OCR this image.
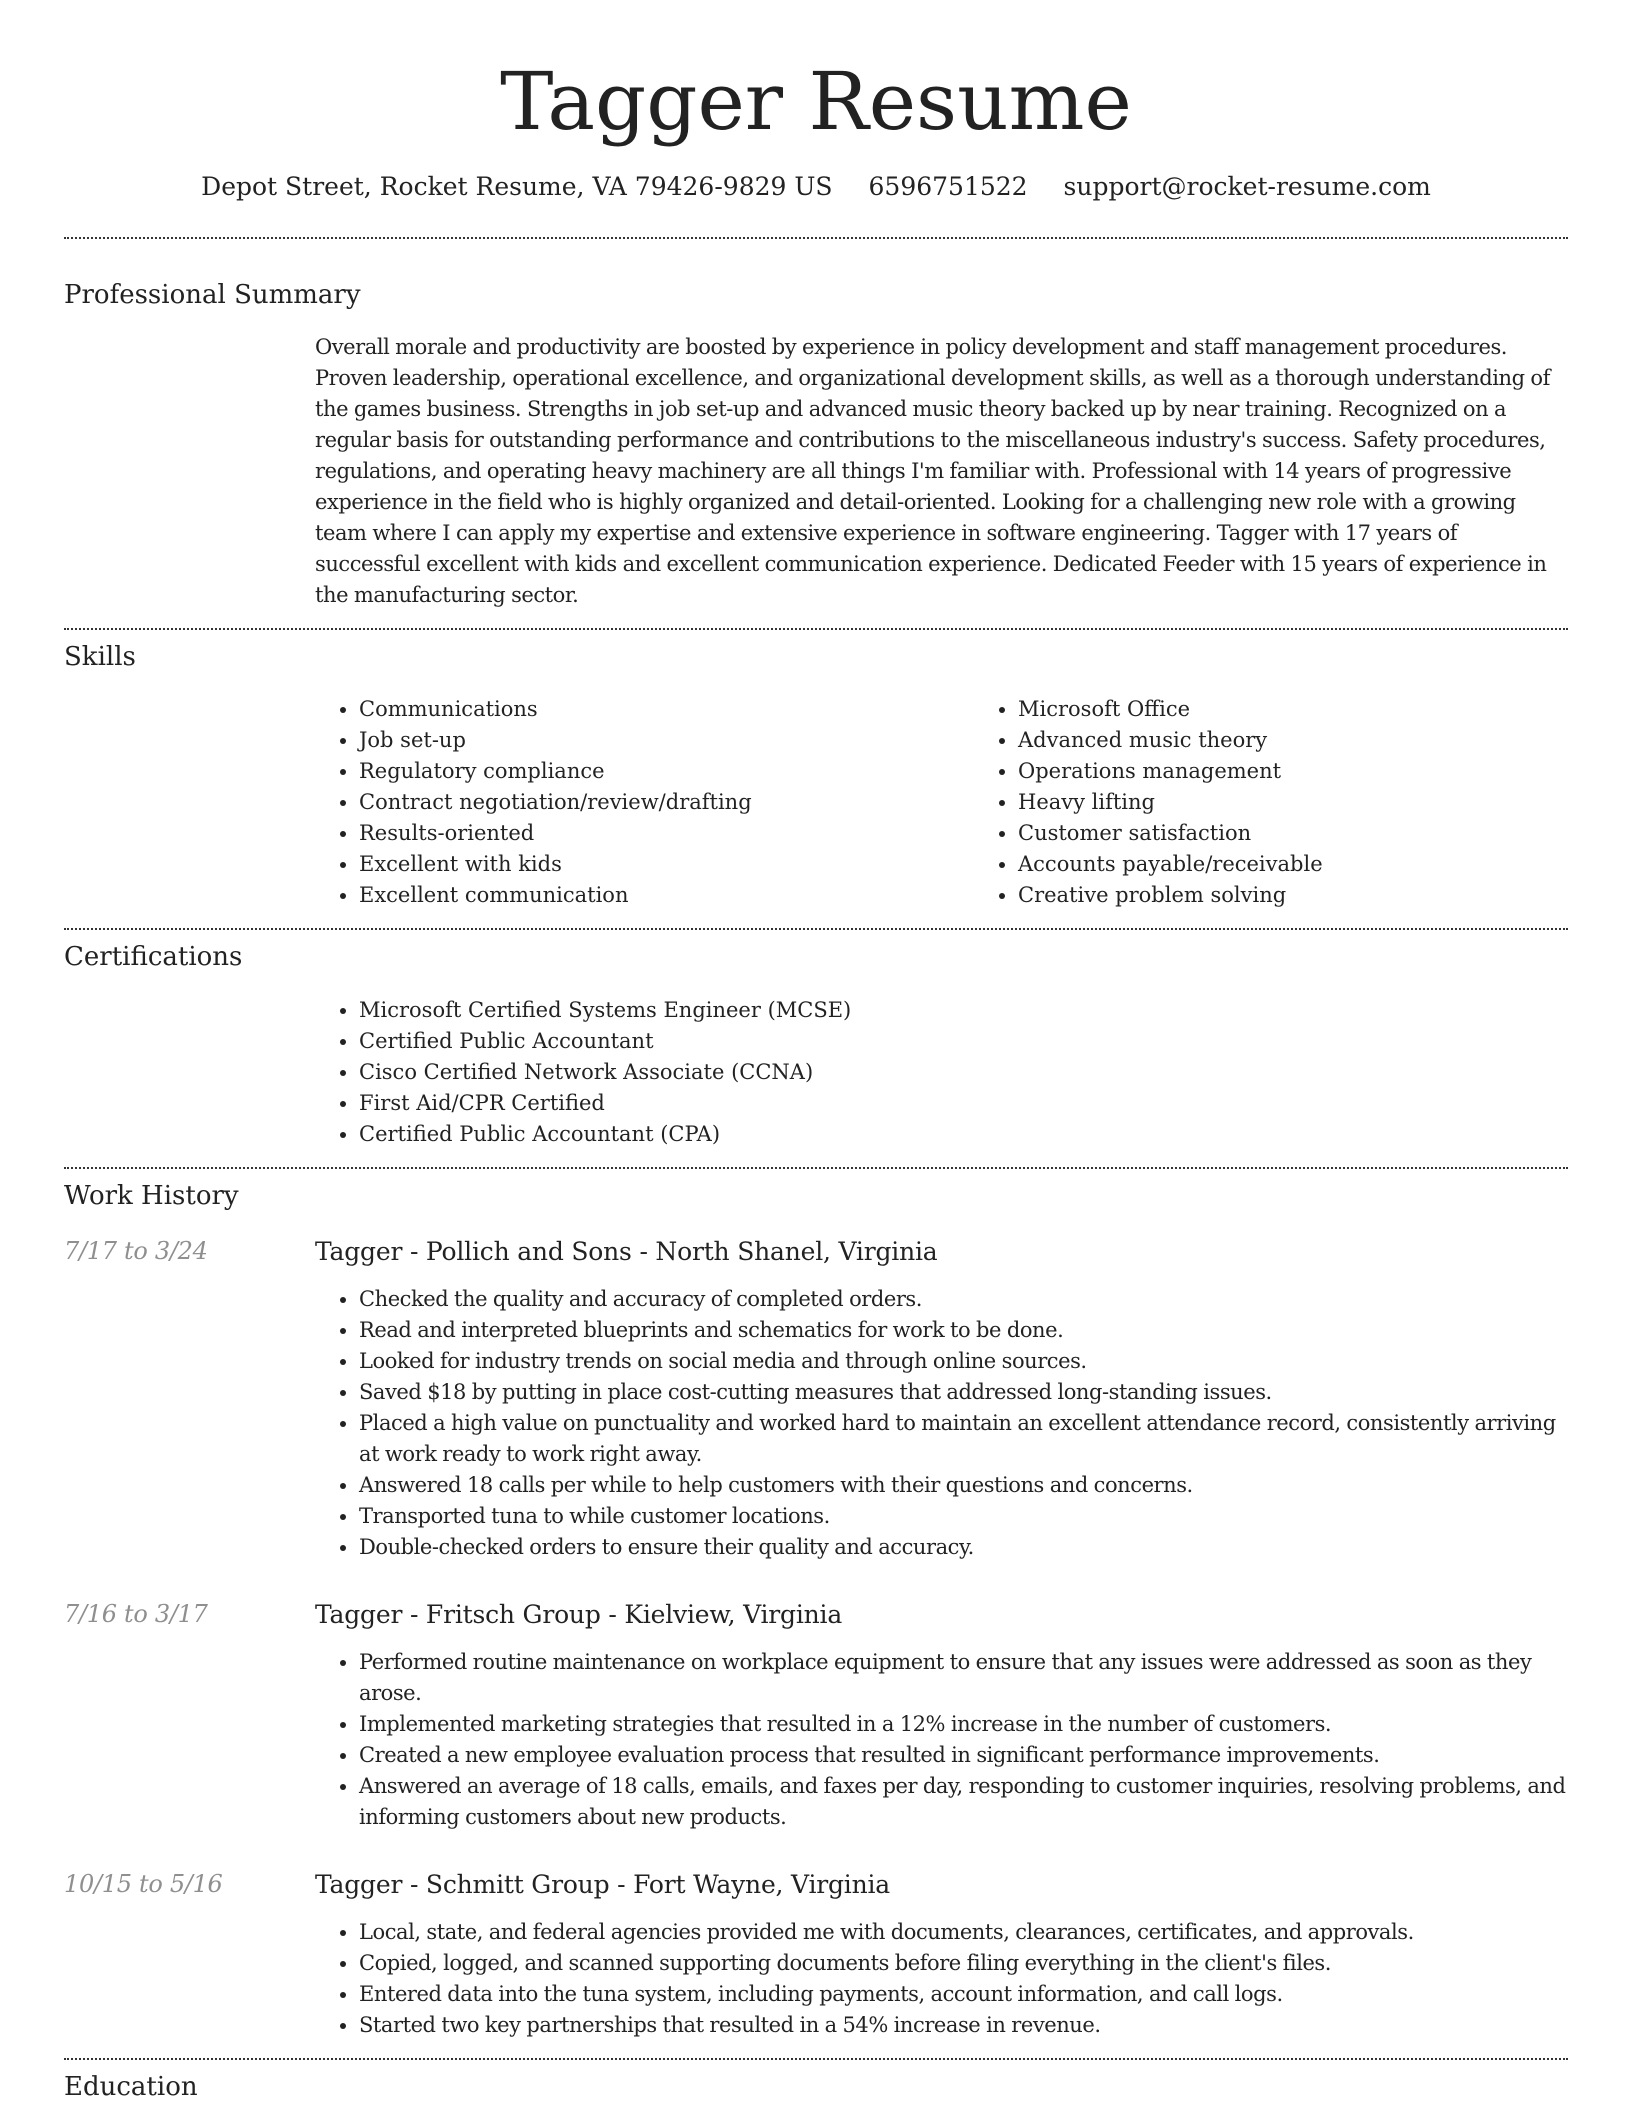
Tagger Resume
Depot Street, Rocket Resume, VA 79426-9829 US 6596751522 support@rocket-resume.com
Professional Summary

Overall morale and productivity are boosted by experience in policy development and staff management procedures. Proven leadership, operational excellence, and organizational development skills, as well as a thorough understanding of the games business. Strengths in job set-up and advanced music theory backed up by near training. Recognized on a regular basis for outstanding performance and contributions to the miscellaneous industry's success. Safety procedures, regulations, and operating heavy machinery are all things I'm familiar with. Professional with 14 years of progressive experience in the field who is highly organized and detail-oriented. Looking for a challenging new role with a growing team where I can apply my expertise and extensive experience in software engineering. Tagger with 17 years of successful excellent with kids and excellent communication experience. Dedicated Feeder with 15 years of experience in the manufacturing sector.

Skills
• Communications
• Job set-up
• Regulatory compliance
• Contract negotiation/review/drafting
• Results-oriented
• Excellent with kids
• Excellent communication
• Microsoft Office
• Advanced music theory
• Operations management
• Heavy lifting
• Customer satisfaction
• Accounts payable/receivable
• Creative problem solving
Certifications
• Microsoft Certified Systems Engineer (MCSE)
• Certified Public Accountant
• Cisco Certified Network Associate (CCNA)
• First Aid/CPR Certified
• Certified Public Accountant (CPA)
Work History
7/17 to 3/24	Tagger - Pollich and Sons - North Shanel, Virginia
• Checked the quality and accuracy of completed orders.
• Read and interpreted blueprints and schematics for work to be done.
• Looked for industry trends on social media and through online sources.
• Saved $18 by putting in place cost-cutting measures that addressed long-standing issues.
• Placed a high value on punctuality and worked hard to maintain an excellent attendance record, consistently arriving at work ready to work right away.
• Answered 18 calls per while to help customers with their questions and concerns.
• Transported tuna to while customer locations.
• Double-checked orders to ensure their quality and accuracy.
7/16 to 3/17	Tagger - Fritsch Group - Kielview, Virginia
• Performed routine maintenance on workplace equipment to ensure that any issues were addressed as soon as they arose.
• Implemented marketing strategies that resulted in a 12% increase in the number of customers.
• Created a new employee evaluation process that resulted in significant performance improvements.
• Answered an average of 18 calls, emails, and faxes per day, responding to customer inquiries, resolving problems, and informing customers about new products.
10/15 to 5/16	Tagger - Schmitt Group - Fort Wayne, Virginia
• Local, state, and federal agencies provided me with documents, clearances, certificates, and approvals.
• Copied, logged, and scanned supporting documents before filing everything in the client's files.
• Entered data into the tuna system, including payments, account information, and call logs.
• Started two key partnerships that resulted in a 54% increase in revenue.
Education
